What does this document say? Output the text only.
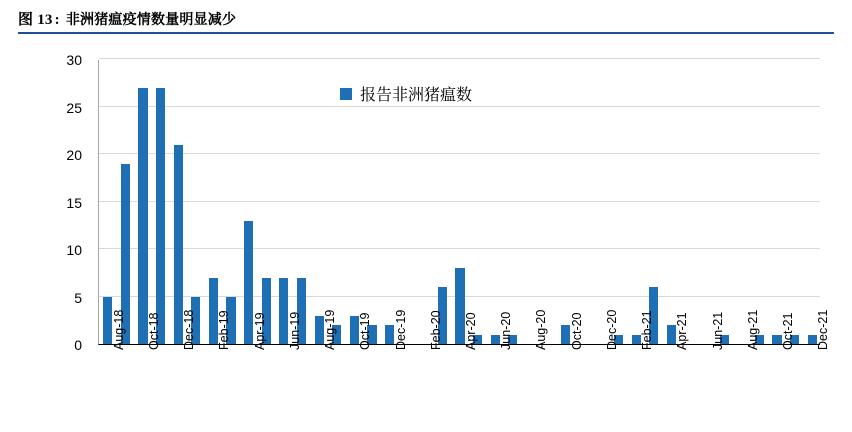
图 13 : 非洲猪瘟疫情数量明显减少
0
5
10
15
20
25
30
报告非洲猪瘟数
Aug-18 Oct-18 Dec-18 Feb-19 Apr-19 Jun-19 Aug-19 Oct-19 Dec-19 Feb-20 Apr-20 Jun-20 Aug-20 Oct-20 Dec-20 Feb-21 Apr-21 Jun-21 Aug-21 Oct-21 Dec-21
